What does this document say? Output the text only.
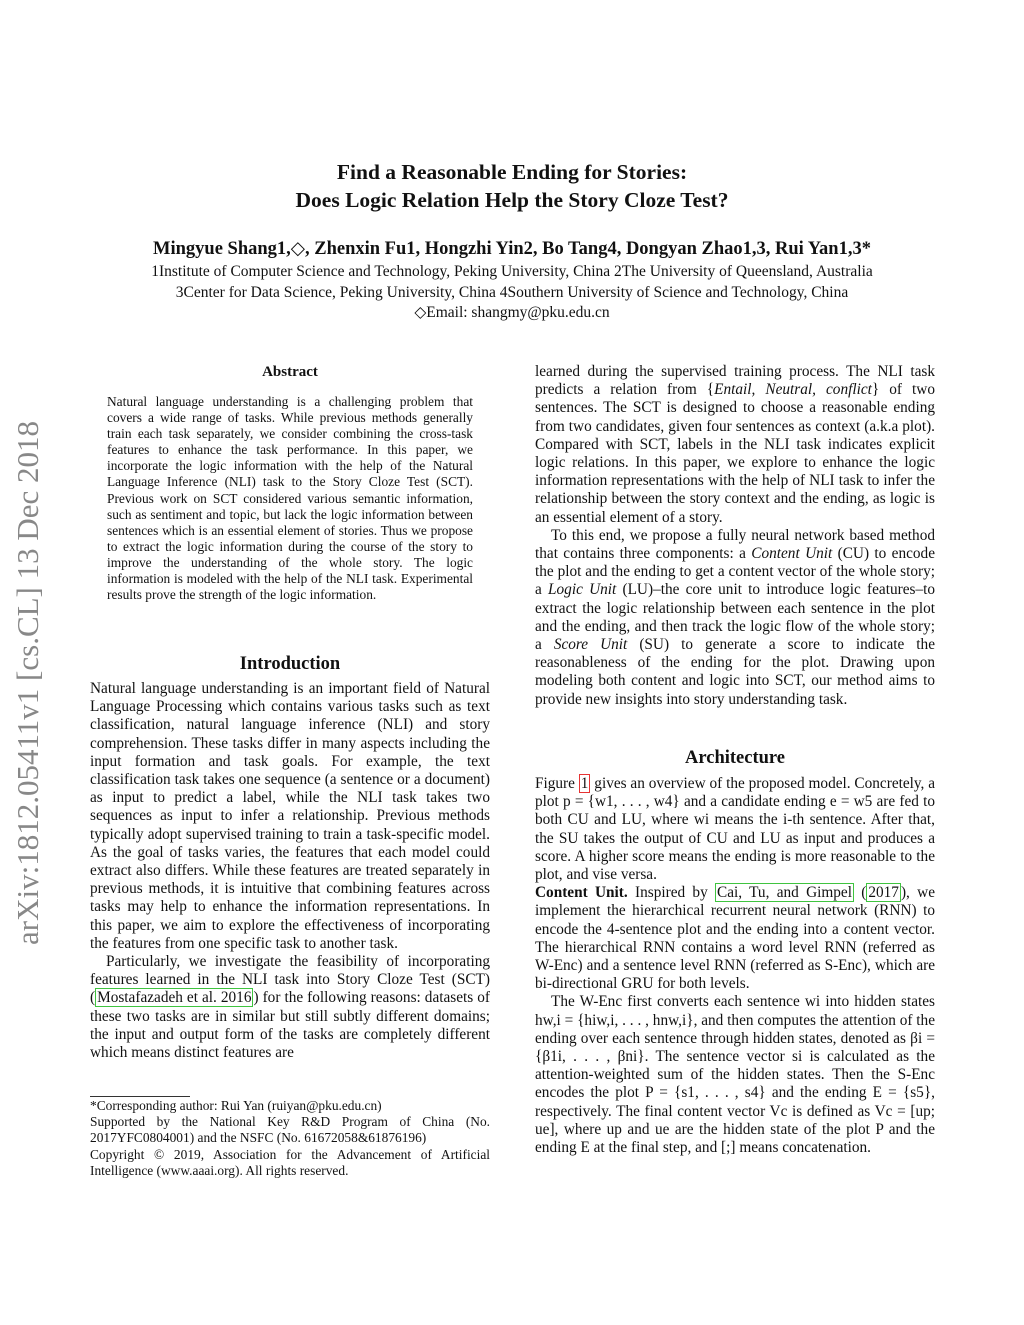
arXiv:1812.05411v1 [cs.CL] 13 Dec 2018
Find a Reasonable Ending for Stories:
Does Logic Relation Help the Story Cloze Test?
Mingyue Shang1,◇, Zhenxin Fu1, Hongzhi Yin2, Bo Tang4, Dongyan Zhao1,3, Rui Yan1,3*
1Institute of Computer Science and Technology, Peking University, China 2The University of Queensland, Australia
3Center for Data Science, Peking University, China 4Southern University of Science and Technology, China
◇Email: shangmy@pku.edu.cn
Abstract
Natural language understanding is a challenging problem that covers a wide range of tasks. While previous methods generally train each task separately, we consider combining the cross-task features to enhance the task performance. In this paper, we incorporate the logic information with the help of the Natural Language Inference (NLI) task to the Story Cloze Test (SCT). Previous work on SCT considered various semantic information, such as sentiment and topic, but lack the logic information between sentences which is an essential element of stories. Thus we propose to extract the logic information during the course of the story to improve the understanding of the whole story. The logic information is modeled with the help of the NLI task. Experimental results prove the strength of the logic information.
Introduction

Natural language understanding is an important field of Natural Language Processing which contains various tasks such as text classification, natural language inference (NLI) and story comprehension. These tasks differ in many aspects including the input formation and task goals. For example, the text classification task takes one sequence (a sentence or a document) as input to predict a label, while the NLI task takes two sequences as input to infer a relationship. Previous methods typically adopt supervised training to train a task-specific model. As the goal of tasks varies, the features that each model could extract also differs. While these features are treated separately in previous methods, it is intuitive that combining features across tasks may help to enhance the information representations. In this paper, we aim to explore the effectiveness of incorporating the features from one specific task to another task.

Particularly, we investigate the feasibility of incorporating features learned in the NLI task into Story Cloze Test (SCT) ( Mostafazadeh et al. 2016 ) for the following reasons: datasets of these two tasks are in similar but still subtly different domains; the input and output form of the tasks are completely different which means distinct features are

*Corresponding author: Rui Yan (ruiyan@pku.edu.cn)
Supported by the National Key R&D Program of China (No. 2017YFC0804001) and the NSFC (No. 61672058&61876196)
Copyright © 2019, Association for the Advancement of Artificial Intelligence (www.aaai.org). All rights reserved.

learned during the supervised training process. The NLI task predicts a relation from {Entail, Neutral, conflict} of two sentences. The SCT is designed to choose a reasonable ending from two candidates, given four sentences as context (a.k.a plot). Compared with SCT, labels in the NLI task indicates explicit logic relations. In this paper, we explore to enhance the logic information representations with the help of NLI task to infer the relationship between the story context and the ending, as logic is an essential element of a story.

To this end, we propose a fully neural network based method that contains three components: a Content Unit (CU) to encode the plot and the ending to get a content vector of the whole story; a Logic Unit (LU)–the core unit to introduce logic features–to extract the logic relationship between each sentence in the plot and the ending, and then track the logic flow of the whole story; a Score Unit (SU) to generate a score to indicate the reasonableness of the ending for the plot. Drawing upon modeling both content and logic into SCT, our method aims to provide new insights into story understanding task.

Architecture

Figure 1 gives an overview of the proposed model. Concretely, a plot p = {w1, . . . , w4} and a candidate ending e = w5 are fed to both CU and LU, where wi means the i-th sentence. After that, the SU takes the output of CU and LU as input and produces a score. A higher score means the ending is more reasonable to the plot, and vise versa.

Content Unit. Inspired by Cai, Tu, and Gimpel ( 2017 ), we implement the hierarchical recurrent neural network (RNN) to encode the 4-sentence plot and the ending into a content vector. The hierarchical RNN contains a word level RNN (referred as W-Enc) and a sentence level RNN (referred as S-Enc), which are bi-directional GRU for both levels.

The W-Enc first converts each sentence wi into hidden states hw,i = {hiw,i, . . . , hnw,i}, and then computes the attention of the ending over each sentence through hidden states, denoted as βi = {β1i, . . . , βni}. The sentence vector si is calculated as the attention-weighted sum of the hidden states. Then the S-Enc encodes the plot P = {s1, . . . , s4} and the ending E = {s5}, respectively. The final content vector Vc is defined as Vc = [up; ue], where up and ue are the hidden state of the plot P and the ending E at the final step, and [;] means concatenation.
